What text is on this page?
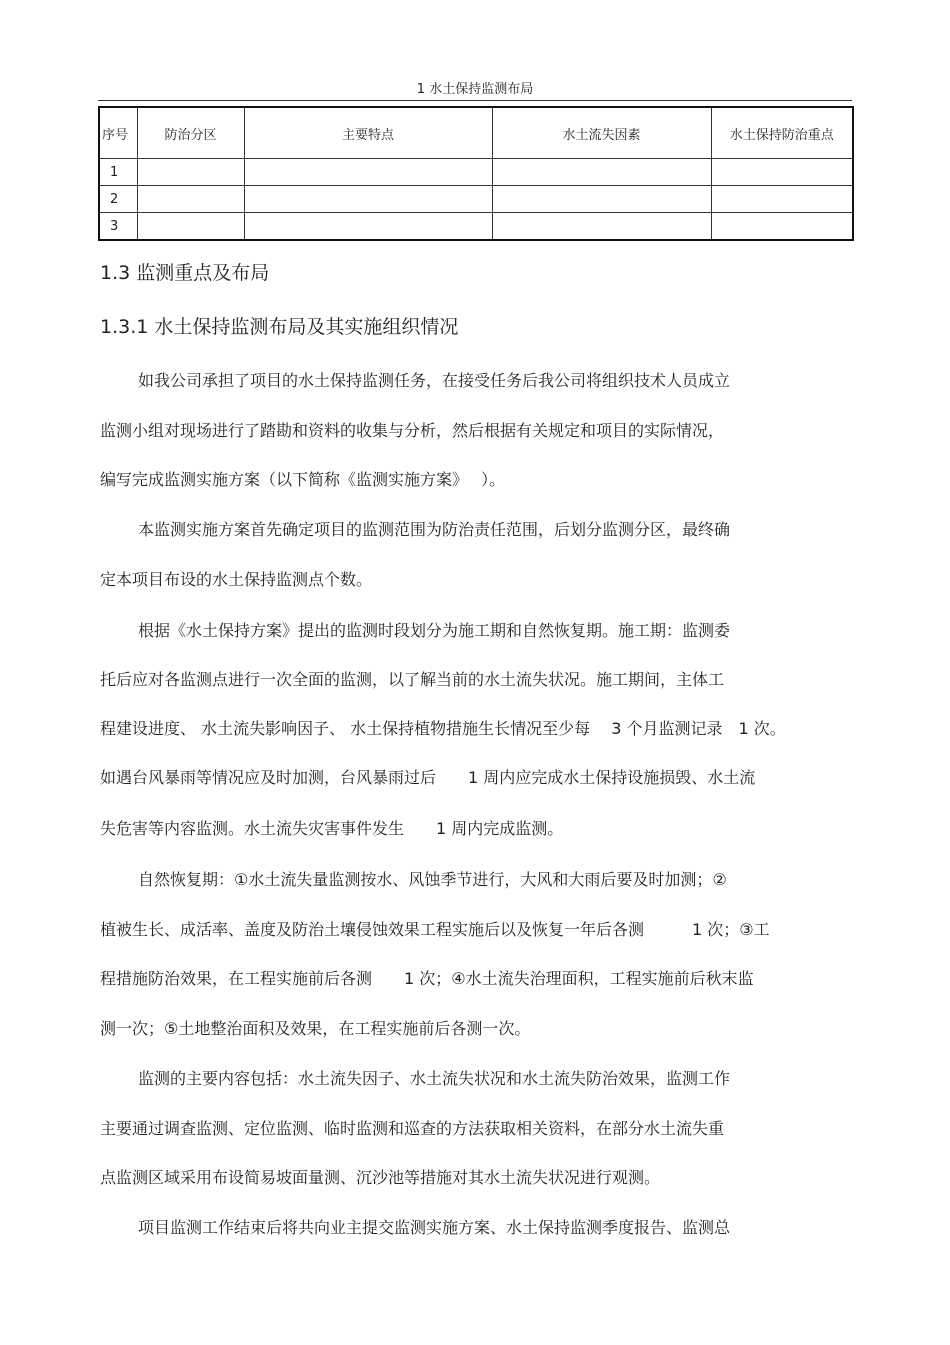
1 水土保持监测布局
序号	防治分区	主要特点	水土流失因素	水土保持防治重点
1				
2				
3				
1.3 监测重点及布局
1.3.1 水土保持监测布局及其实施组织情况
如我公司承担了项目的水土保持监测任务，在接受任务后我公司将组织技术人员成立
监测小组对现场进行了踏勘和资料的收集与分析，然后根据有关规定和项目的实际情况，
编写完成监测实施方案（以下简称《监测实施方案》　 ）。
本监测实施方案首先确定项目的监测范围为防治责任范围，后划分监测分区，最终确
定本项目布设的水土保持监测点个数。
根据《水土保持方案》提出的监测时段划分为施工期和自然恢复期。施工期：监测委
托后应对各监测点进行一次全面的监测，以了解当前的水土流失状况。施工期间，主体工
程建设进度、 水土流失影响因子、 水土保持植物措施生长情况至少每　 3 个月监测记录　1 次。
如遇台风暴雨等情况应及时加测，台风暴雨过后　　1 周内应完成水土保持设施损毁、水土流
失危害等内容监测。水土流失灾害事件发生　　1 周内完成监测。
自然恢复期：①水土流失量监测按水、风蚀季节进行，大风和大雨后要及时加测；②
植被生长、成活率、盖度及防治土壤侵蚀效果工程实施后以及恢复一年后各测　　　1 次；③工
程措施防治效果，在工程实施前后各测　　1 次；④水土流失治理面积，工程实施前后秋末监
测一次；⑤土地整治面积及效果，在工程实施前后各测一次。
监测的主要内容包括：水土流失因子、水土流失状况和水土流失防治效果，监测工作
主要通过调查监测、定位监测、临时监测和巡查的方法获取相关资料，在部分水土流失重
点监测区域采用布设简易坡面量测、沉沙池等措施对其水土流失状况进行观测。
项目监测工作结束后将共向业主提交监测实施方案、水土保持监测季度报告、监测总
